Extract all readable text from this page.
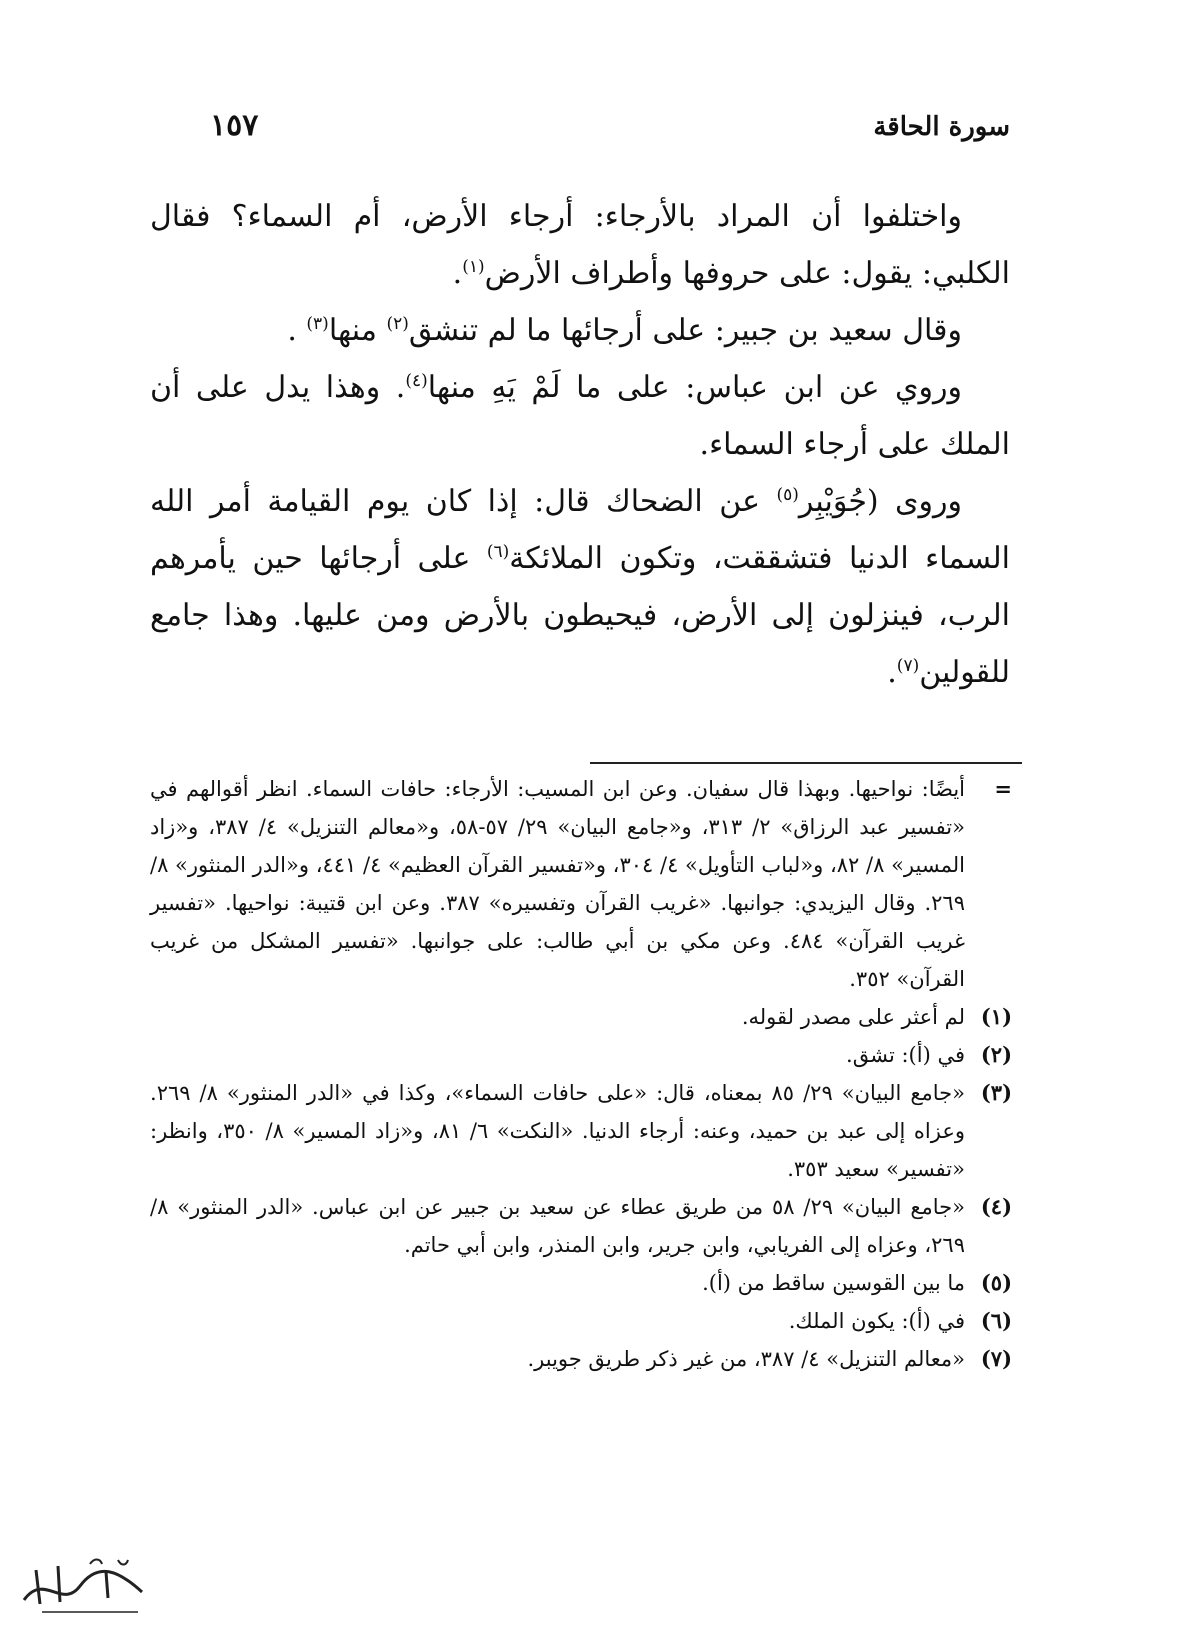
سورة الحاقة
١٥٧

واختلفوا أن المراد بالأرجاء: أرجاء الأرض، أم السماء؟ فقال الكلبي: يقول: على حروفها وأطراف الأرض$^{(١)}$.

وقال سعيد بن جبير: على أرجائها ما لم تنشق$^{(٢)}$ منها$^{(٣)}$ .

وروي عن ابن عباس: على ما لَمْ يَهِ منها$^{(٤)}$. وهذا يدل على أن الملك على أرجاء السماء.

وروى (جُوَيْبِر$^{(٥)}$ عن الضحاك قال: إذا كان يوم القيامة أمر الله السماء الدنيا فتشققت، وتكون الملائكة$^{(٦)}$ على أرجائها حين يأمرهم الرب، فينزلون إلى الأرض، فيحيطون بالأرض ومن عليها. وهذا جامع للقولين$^{(٧)}$.

=
أيضًا: نواحيها. وبهذا قال سفيان. وعن ابن المسيب: الأرجاء: حافات السماء. انظر أقوالهم في «تفسير عبد الرزاق» ٢/ ٣١٣، و«جامع البيان» ٢٩/ ٥٧-٥٨، و«معالم التنزيل» ٤/ ٣٨٧، و«زاد المسير» ٨/ ٨٢، و«لباب التأويل» ٤/ ٣٠٤، و«تفسير القرآن العظيم» ٤/ ٤٤١، و«الدر المنثور» ٨/ ٢٦٩. وقال اليزيدي: جوانبها. «غريب القرآن وتفسيره» ٣٨٧. وعن ابن قتيبة: نواحيها. «تفسير غريب القرآن» ٤٨٤. وعن مكي بن أبي طالب: على جوانبها. «تفسير المشكل من غريب القرآن» ٣٥٢.
(١)
لم أعثر على مصدر لقوله.
(٢)
في (أ): تشق.
(٣)
«جامع البيان» ٢٩/ ٨٥ بمعناه، قال: «على حافات السماء»، وكذا في «الدر المنثور» ٨/ ٢٦٩. وعزاه إلى عبد بن حميد، وعنه: أرجاء الدنيا. «النكت» ٦/ ٨١، و«زاد المسير» ٨/ ٣٥٠، وانظر: «تفسير» سعيد ٣٥٣.
(٤)
«جامع البيان» ٢٩/ ٥٨ من طريق عطاء عن سعيد بن جبير عن ابن عباس. «الدر المنثور» ٨/ ٢٦٩، وعزاه إلى الفريابي، وابن جرير، وابن المنذر، وابن أبي حاتم.
(٥)
ما بين القوسين ساقط من (أ).
(٦)
في (أ): يكون الملك.
(٧)
«معالم التنزيل» ٤/ ٣٨٧، من غير ذكر طريق جويبر.
